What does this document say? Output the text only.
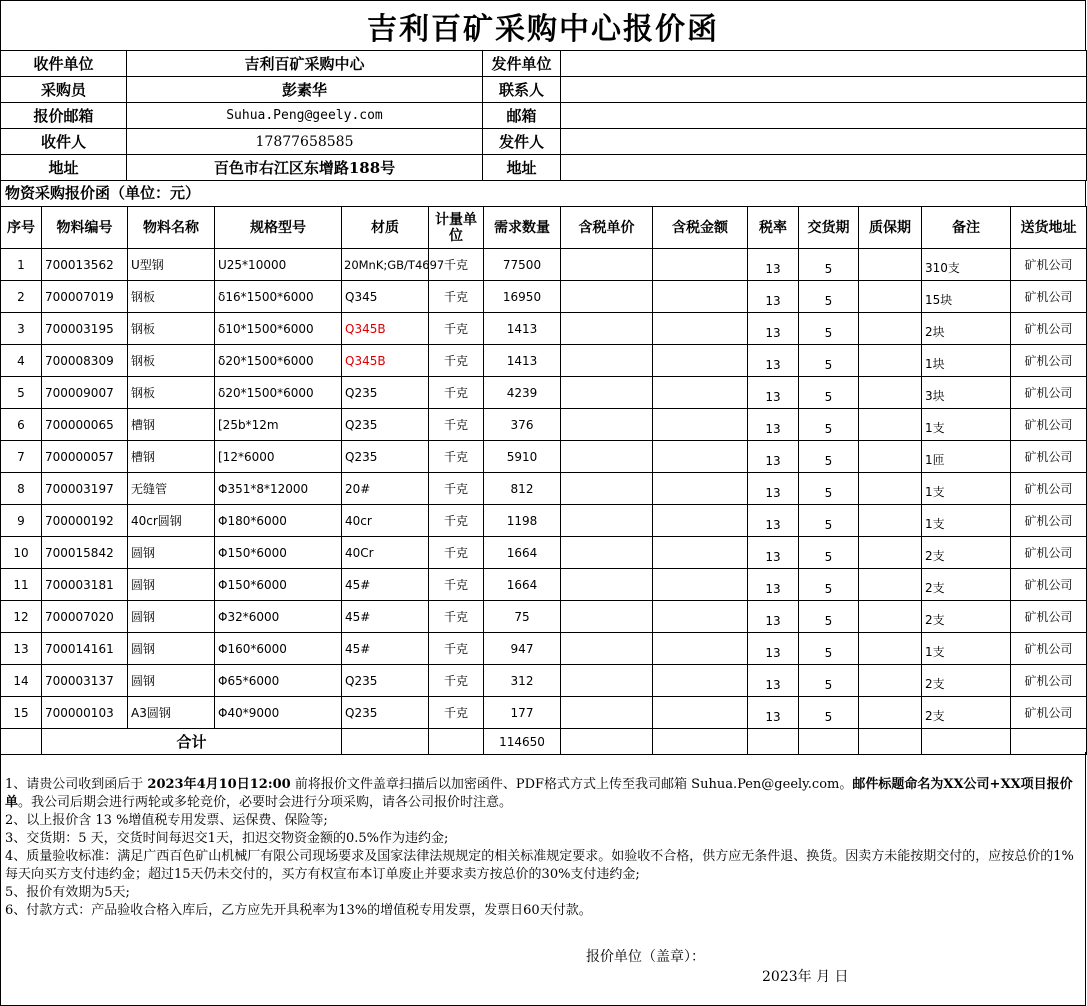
吉利百矿采购中心报价函
收件单位	吉利百矿采购中心	发件单位	
采购员	彭素华	联系人	
报价邮箱	Suhua.Peng@geely.com	邮箱	
收件人	17877658585	发件人	
地址	百色市右江区东增路188号	地址	
物资采购报价函（单位：元）
序号	物料编号	物料名称	规格型号	材质	计量单位	需求数量	含税单价	含税金额	税率	交货期	质保期	备注	送货地址
1	700013562	U型钢	U25*10000	20MnK;GB/T4697	千克	77500			13	5		310支	矿机公司
2	700007019	钢板	δ16*1500*6000	Q345	千克	16950			13	5		15块	矿机公司
3	700003195	钢板	δ10*1500*6000	Q345B	千克	1413			13	5		2块	矿机公司
4	700008309	钢板	δ20*1500*6000	Q345B	千克	1413			13	5		1块	矿机公司
5	700009007	钢板	δ20*1500*6000	Q235	千克	4239			13	5		3块	矿机公司
6	700000065	槽钢	[25b*12m	Q235	千克	376			13	5		1支	矿机公司
7	700000057	槽钢	[12*6000	Q235	千克	5910			13	5		1匝	矿机公司
8	700003197	无缝管	Φ351*8*12000	20#	千克	812			13	5		1支	矿机公司
9	700000192	40cr圆钢	Φ180*6000	40cr	千克	1198			13	5		1支	矿机公司
10	700015842	圆钢	Φ150*6000	40Cr	千克	1664			13	5		2支	矿机公司
11	700003181	圆钢	Φ150*6000	45#	千克	1664			13	5		2支	矿机公司
12	700007020	圆钢	Φ32*6000	45#	千克	75			13	5		2支	矿机公司
13	700014161	圆钢	Φ160*6000	45#	千克	947			13	5		1支	矿机公司
14	700003137	圆钢	Φ65*6000	Q235	千克	312			13	5		2支	矿机公司
15	700000103	A3圆钢	Φ40*9000	Q235	千克	177			13	5		2支	矿机公司
	合计					114650							

1、请贵公司收到函后于 2023年4月10日12:00 前将报价文件盖章扫描后以加密函件、PDF格式方式上传至我司邮箱 Suhua.Pen@geely.com。邮件标题命名为XX公司+XX项目报价单。我公司后期会进行两轮或多轮竞价，必要时会进行分项采购，请各公司报价时注意。

2、以上报价含 13 %增值税专用发票、运保费、保险等;

3、交货期：5 天，交货时间每迟交1天，扣迟交物资金额的0.5%作为违约金;

4、质量验收标准：满足广西百色矿山机械厂有限公司现场要求及国家法律法规规定的相关标准规定要求。如验收不合格，供方应无条件退、换货。因卖方未能按期交付的，应按总价的1% 每天向买方支付违约金；超过15天仍未交付的，买方有权宣布本订单废止并要求卖方按总价的30%支付违约金;

5、报价有效期为5天;

6、付款方式：产品验收合格入库后，乙方应先开具税率为13%的增值税专用发票，发票日60天付款。

报价单位（盖章）：
2023年 月 日
